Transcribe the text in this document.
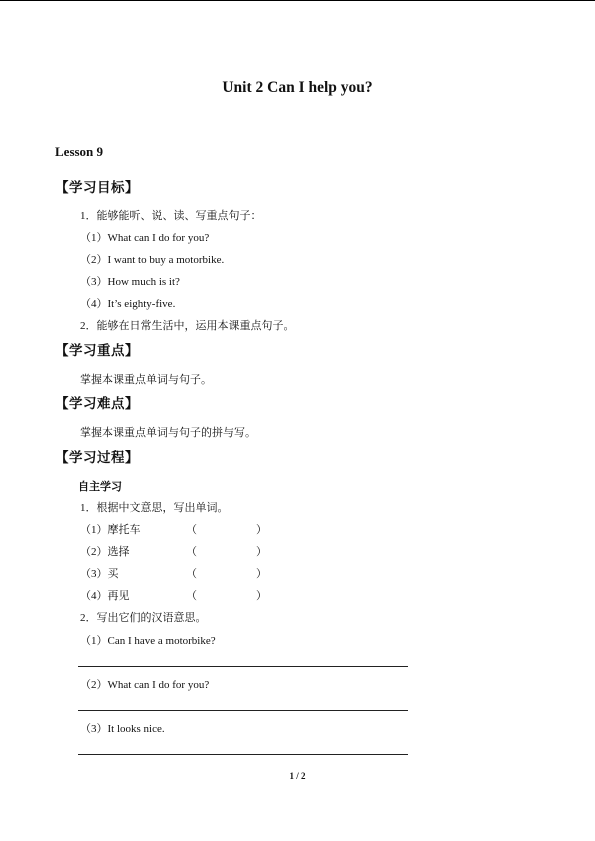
Unit 2 Can I help you?
Lesson 9
【学习目标】
1．能够能听、说、读、写重点句子：
（1）What can I do for you?
（2）I want to buy a motorbike.
（3）How much is it?
（4）It’s eighty-five.
2．能够在日常生活中，运用本课重点句子。
【学习重点】
掌握本课重点单词与句子。
【学习难点】
掌握本课重点单词与句子的拼与写。
【学习过程】
自主学习
1．根据中文意思，写出单词。
（1）摩托车	（	）
（2）选择	（	）
（3）买	（	）
（4）再见	（	）
2．写出它们的汉语意思。
（1）Can I have a motorbike?
（2）What can I do for you?
（3）It looks nice.
1 / 2
